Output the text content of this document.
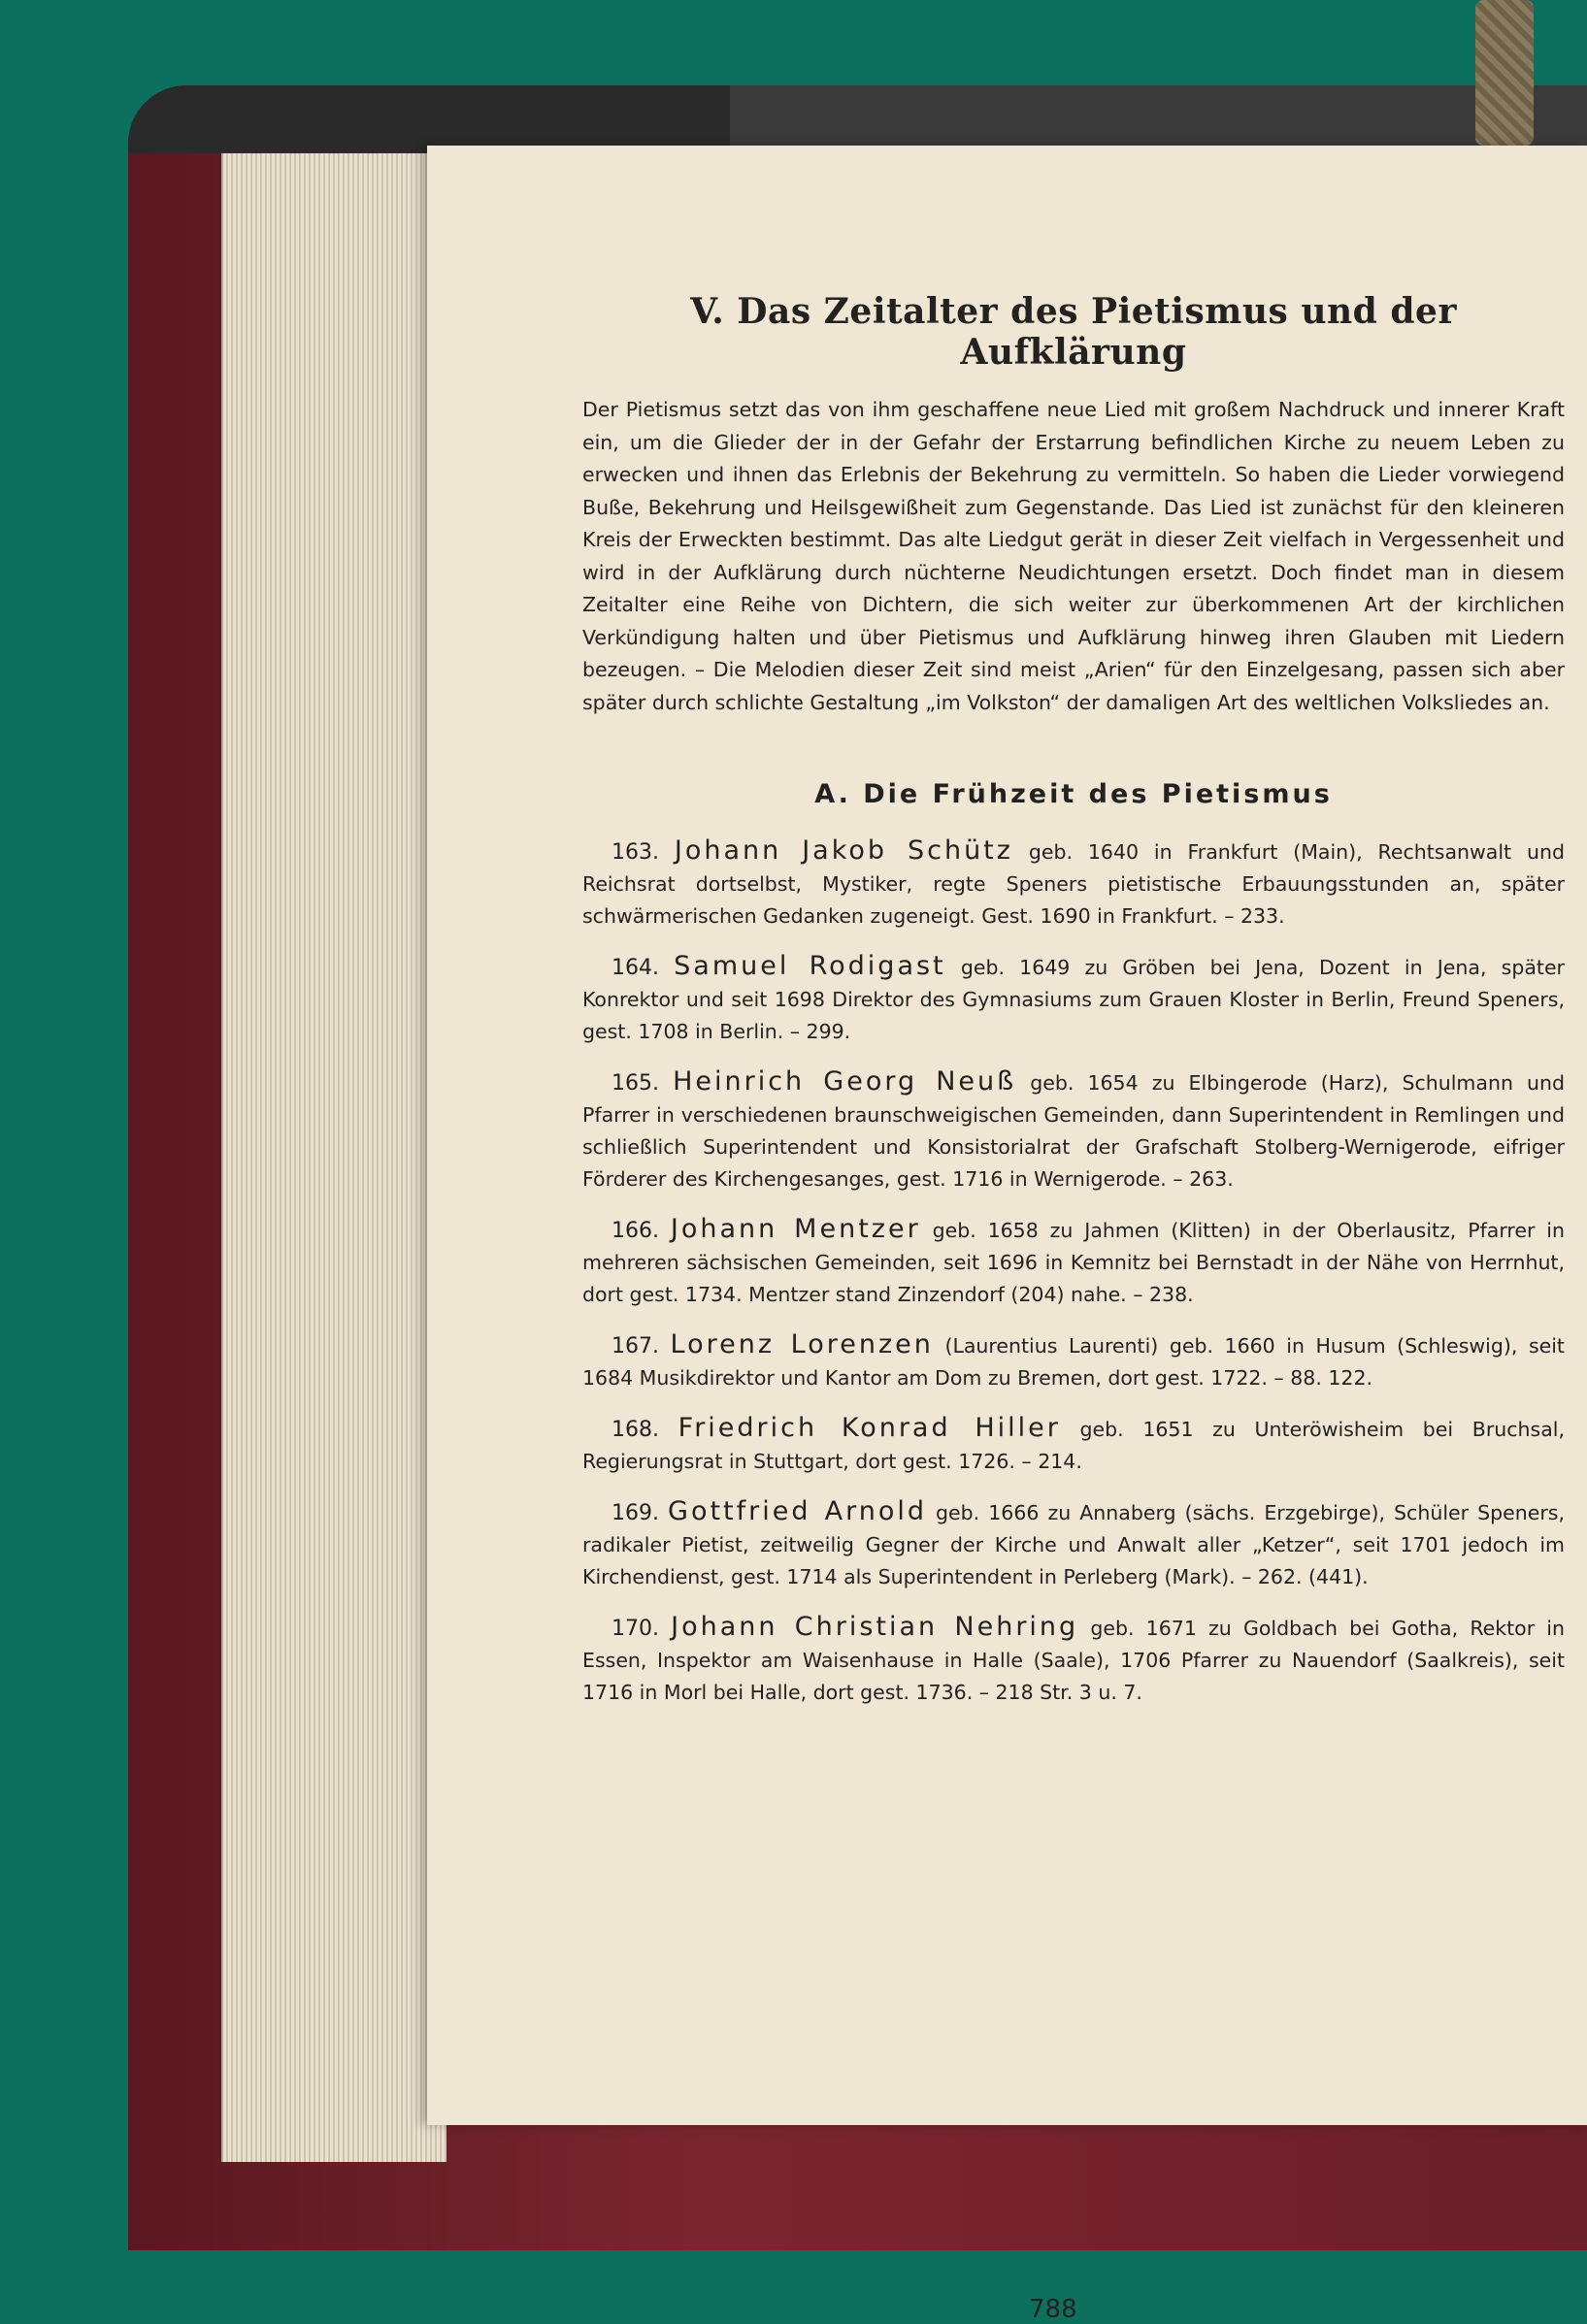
V. Das Zeitalter des Pietismus und der Aufklärung

Der Pietismus setzt das von ihm geschaffene neue Lied mit großem Nachdruck und innerer Kraft ein, um die Glieder der in der Gefahr der Erstarrung befindlichen Kirche zu neuem Leben zu erwecken und ihnen das Erlebnis der Bekehrung zu vermitteln. So haben die Lieder vorwiegend Buße, Bekehrung und Heilsgewißheit zum Gegenstande. Das Lied ist zunächst für den kleineren Kreis der Erweckten bestimmt. Das alte Liedgut gerät in dieser Zeit vielfach in Vergessenheit und wird in der Aufklärung durch nüchterne Neudichtungen ersetzt. Doch findet man in diesem Zeitalter eine Reihe von Dichtern, die sich weiter zur überkommenen Art der kirchlichen Verkündigung halten und über Pietismus und Aufklärung hinweg ihren Glauben mit Liedern bezeugen. – Die Melodien dieser Zeit sind meist „Arien“ für den Einzelgesang, passen sich aber später durch schlichte Gestaltung „im Volkston“ der damaligen Art des weltlichen Volksliedes an.

A. Die Frühzeit des Pietismus

163. Johann Jakob Schütz geb. 1640 in Frankfurt (Main), Rechtsanwalt und Reichsrat dortselbst, Mystiker, regte Speners pietistische Erbauungsstunden an, später schwärmerischen Gedanken zugeneigt. Gest. 1690 in Frankfurt. – 233.

164. Samuel Rodigast geb. 1649 zu Gröben bei Jena, Dozent in Jena, später Konrektor und seit 1698 Direktor des Gymnasiums zum Grauen Kloster in Berlin, Freund Speners, gest. 1708 in Berlin. – 299.

165. Heinrich Georg Neuß geb. 1654 zu Elbingerode (Harz), Schulmann und Pfarrer in verschiedenen braunschweigischen Gemeinden, dann Superintendent in Remlingen und schließlich Superintendent und Konsistorialrat der Grafschaft Stolberg-Wernigerode, eifriger Förderer des Kirchengesanges, gest. 1716 in Wernigerode. – 263.

166. Johann Mentzer geb. 1658 zu Jahmen (Klitten) in der Oberlausitz, Pfarrer in mehreren sächsischen Gemeinden, seit 1696 in Kemnitz bei Bernstadt in der Nähe von Herrnhut, dort gest. 1734. Mentzer stand Zinzendorf (204) nahe. – 238.

167. Lorenz Lorenzen (Laurentius Laurenti) geb. 1660 in Husum (Schleswig), seit 1684 Musikdirektor und Kantor am Dom zu Bremen, dort gest. 1722. – 88. 122.

168. Friedrich Konrad Hiller geb. 1651 zu Unteröwisheim bei Bruchsal, Regierungsrat in Stuttgart, dort gest. 1726. – 214.

169. Gottfried Arnold geb. 1666 zu Annaberg (sächs. Erzgebirge), Schüler Speners, radikaler Pietist, zeitweilig Gegner der Kirche und Anwalt aller „Ketzer“, seit 1701 jedoch im Kirchendienst, gest. 1714 als Superintendent in Perleberg (Mark). – 262. (441).

170. Johann Christian Nehring geb. 1671 zu Goldbach bei Gotha, Rektor in Essen, Inspektor am Waisenhause in Halle (Saale), 1706 Pfarrer zu Nauendorf (Saalkreis), seit 1716 in Morl bei Halle, dort gest. 1736. – 218 Str. 3 u. 7.

788
